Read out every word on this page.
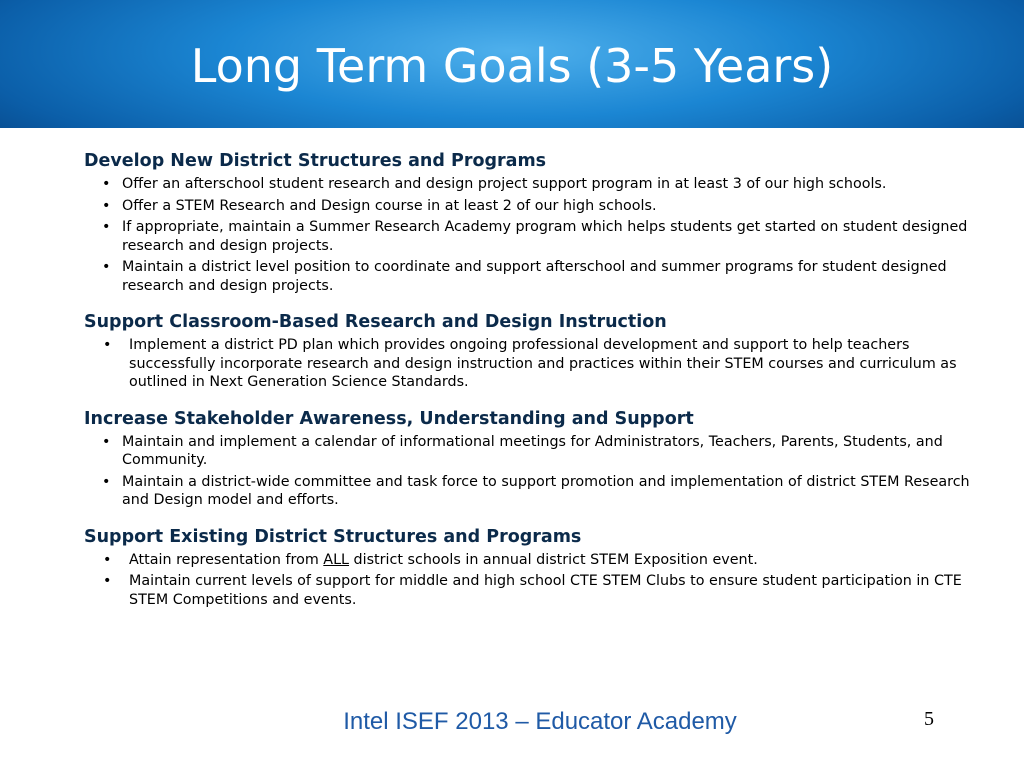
Long Term Goals (3-5 Years)
Develop New District Structures and Programs
• Offer an afterschool student research and design project support program in at least 3 of our high schools.
• Offer a STEM Research and Design course in at least 2 of our high schools.
• If appropriate, maintain a Summer Research Academy program which helps students get started on student designed research and design projects.
• Maintain a district level position to coordinate and support afterschool and summer programs for student designed research and design projects.
Support Classroom-Based Research and Design Instruction
• Implement a district PD plan which provides ongoing professional development and support to help teachers successfully incorporate research and design instruction and practices within their STEM courses and curriculum as outlined in Next Generation Science Standards.
Increase Stakeholder Awareness, Understanding and Support
• Maintain and implement a calendar of informational meetings for Administrators, Teachers, Parents, Students, and Community.
• Maintain a district-wide committee and task force to support promotion and implementation of district STEM Research and Design model and efforts.
Support Existing District Structures and Programs
• Attain representation from ALL district schools in annual district STEM Exposition event.
• Maintain current levels of support for middle and high school CTE STEM Clubs to ensure student participation in CTE STEM Competitions and events.
Intel ISEF 2013 – Educator Academy	5
